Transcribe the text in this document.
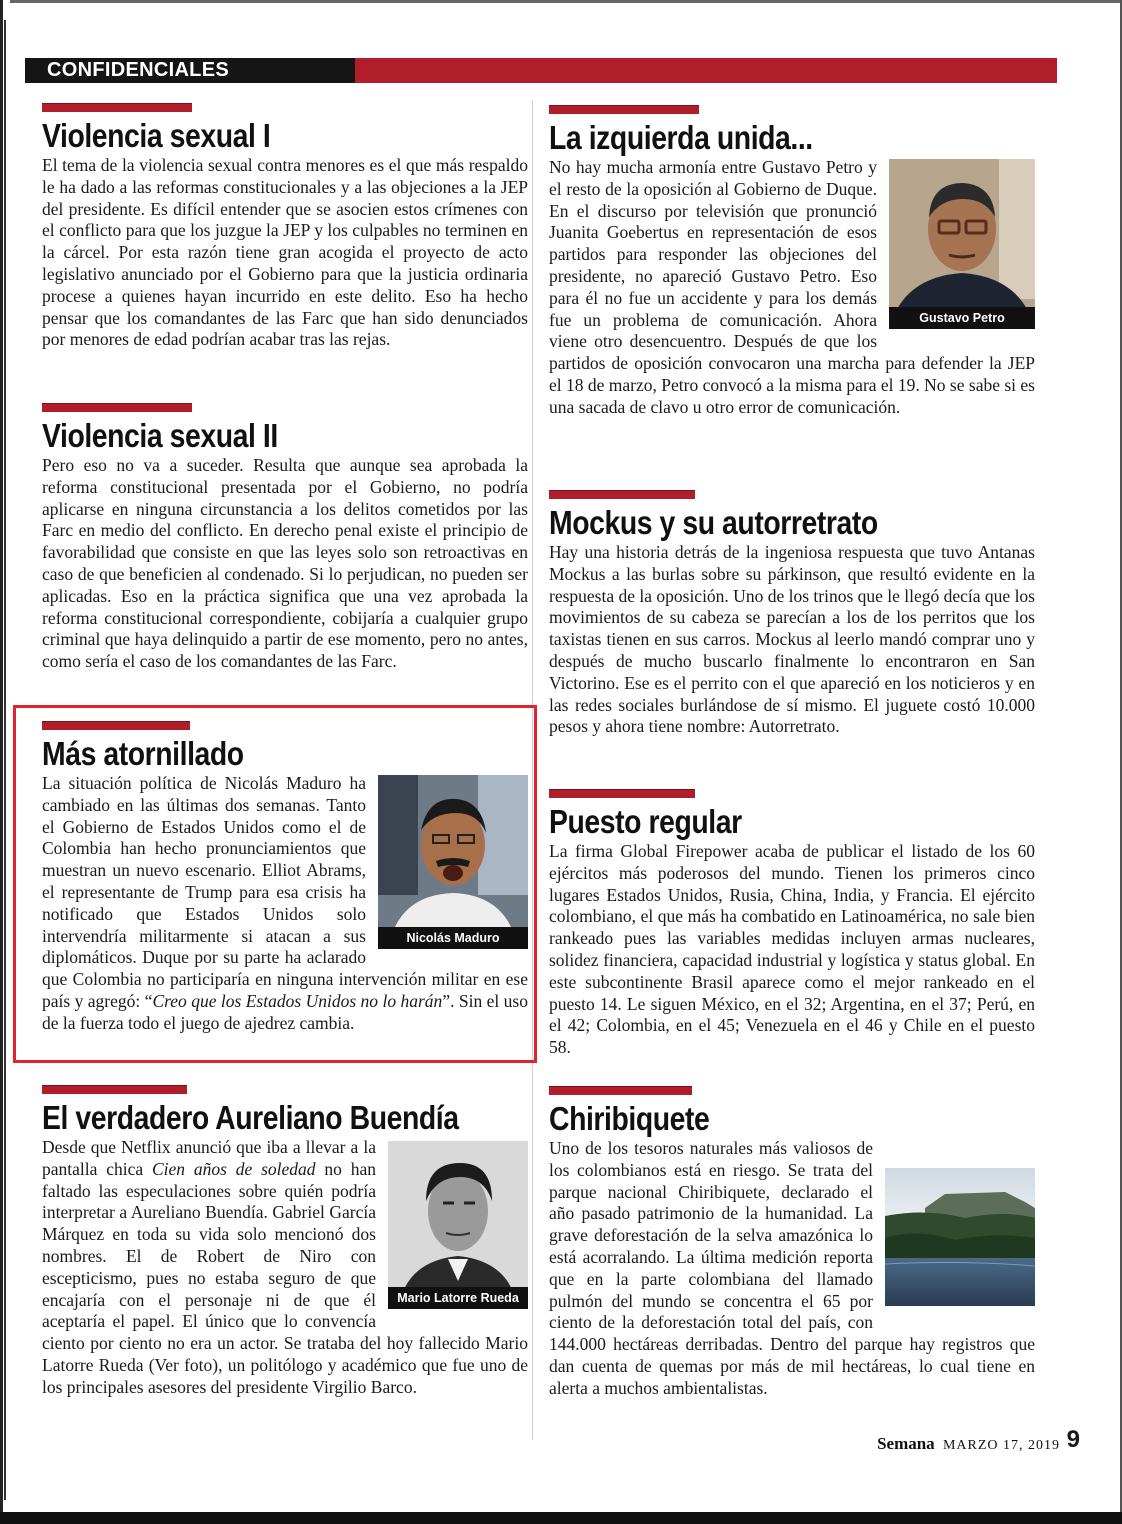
CONFIDENCIALES
Violencia sexual I

El tema de la violencia sexual contra menores es el que más respaldo le ha dado a las reformas constitucionales y a las objeciones a la JEP del presidente. Es difícil entender que se asocien estos crímenes con el conflicto para que los juzgue la JEP y los culpables no terminen en la cárcel. Por esta razón tiene gran acogida el proyecto de acto legislativo anunciado por el Gobierno para que la justicia ordinaria procese a quienes hayan incurrido en este delito. Eso ha hecho pensar que los comandantes de las Farc que han sido denunciados por menores de edad podrían acabar tras las rejas.

Violencia sexual II

Pero eso no va a suceder. Resulta que aunque sea aprobada la reforma constitucional presentada por el Gobierno, no podría aplicarse en ninguna circunstancia a los delitos cometidos por las Farc en medio del conflicto. En derecho penal existe el principio de favorabilidad que consiste en que las leyes solo son retroactivas en caso de que beneficien al condenado. Si lo perjudican, no pueden ser aplicadas. Eso en la práctica significa que una vez aprobada la reforma constitucional correspondiente, cobijaría a cualquier grupo criminal que haya delinquido a partir de ese momento, pero no antes, como sería el caso de los comandantes de las Farc.

Más atornillado
Nicolás Maduro

La situación política de Nicolás Maduro ha cambiado en las últimas dos semanas. Tanto el Gobierno de Estados Unidos como el de Colombia han hecho pronunciamientos que muestran un nuevo escenario. Elliot Abrams, el representante de Trump para esa crisis ha notificado que Estados Unidos solo intervendría militarmente si atacan a sus diplomáticos. Duque por su parte ha aclarado que Colombia no participaría en ninguna intervención militar en ese país y agregó: “Creo que los Estados Unidos no lo harán”. Sin el uso de la fuerza todo el juego de ajedrez cambia.

El verdadero Aureliano Buendía
Mario Latorre Rueda

Desde que Netflix anunció que iba a llevar a la pantalla chica Cien años de soledad no han faltado las especulaciones sobre quién podría interpretar a Aureliano Buendía. Gabriel García Márquez en toda su vida solo mencionó dos nombres. El de Robert de Niro con escepticismo, pues no estaba seguro de que encajaría con el personaje ni de que él aceptaría el papel. El único que lo convencía ciento por ciento no era un actor. Se trataba del hoy fallecido Mario Latorre Rueda (Ver foto), un politólogo y académico que fue uno de los principales asesores del presidente Virgilio Barco.

La izquierda unida...
Gustavo Petro

No hay mucha armonía entre Gustavo Petro y el resto de la oposición al Gobierno de Duque. En el discurso por televisión que pronunció Juanita Goebertus en representación de esos partidos para responder las objeciones del presidente, no apareció Gustavo Petro. Eso para él no fue un accidente y para los demás fue un problema de comunicación. Ahora viene otro desencuentro. Después de que los partidos de oposición convocaron una marcha para defender la JEP el 18 de marzo, Petro convocó a la misma para el 19. No se sabe si es una sacada de clavo u otro error de comunicación.

Mockus y su autorretrato

Hay una historia detrás de la ingeniosa respuesta que tuvo Antanas Mockus a las burlas sobre su párkinson, que resultó evidente en la respuesta de la oposición. Uno de los trinos que le llegó decía que los movimientos de su cabeza se parecían a los de los perritos que los taxistas tienen en sus carros. Mockus al leerlo mandó comprar uno y después de mucho buscarlo finalmente lo encontraron en San Victorino. Ese es el perrito con el que apareció en los noticieros y en las redes sociales burlándose de sí mismo. El juguete costó 10.000 pesos y ahora tiene nombre: Autorretrato.

Puesto regular

La firma Global Firepower acaba de publicar el listado de los 60 ejércitos más poderosos del mundo. Tienen los primeros cinco lugares Estados Unidos, Rusia, China, India, y Francia. El ejército colombiano, el que más ha combatido en Latinoamérica, no sale bien rankeado pues las variables medidas incluyen armas nucleares, solidez financiera, capacidad industrial y logística y status global. En este subcontinente Brasil aparece como el mejor rankeado en el puesto 14. Le siguen México, en el 32; Argentina, en el 37; Perú, en el 42; Colombia, en el 45; Venezuela en el 46 y Chile en el puesto 58.

Chiribiquete

Uno de los tesoros naturales más valiosos de los colombianos está en riesgo. Se trata del parque nacional Chiribiquete, declarado el año pasado patrimonio de la humanidad. La grave deforestación de la selva amazónica lo está acorralando. La última medición reporta que en la parte colombiana del llamado pulmón del mundo se concentra el 65 por ciento de la deforestación total del país, con 144.000 hectáreas derribadas. Dentro del parque hay registros que dan cuenta de quemas por más de mil hectáreas, lo cual tiene en alerta a muchos ambientalistas.

Semana MARZO 17, 2019 9
